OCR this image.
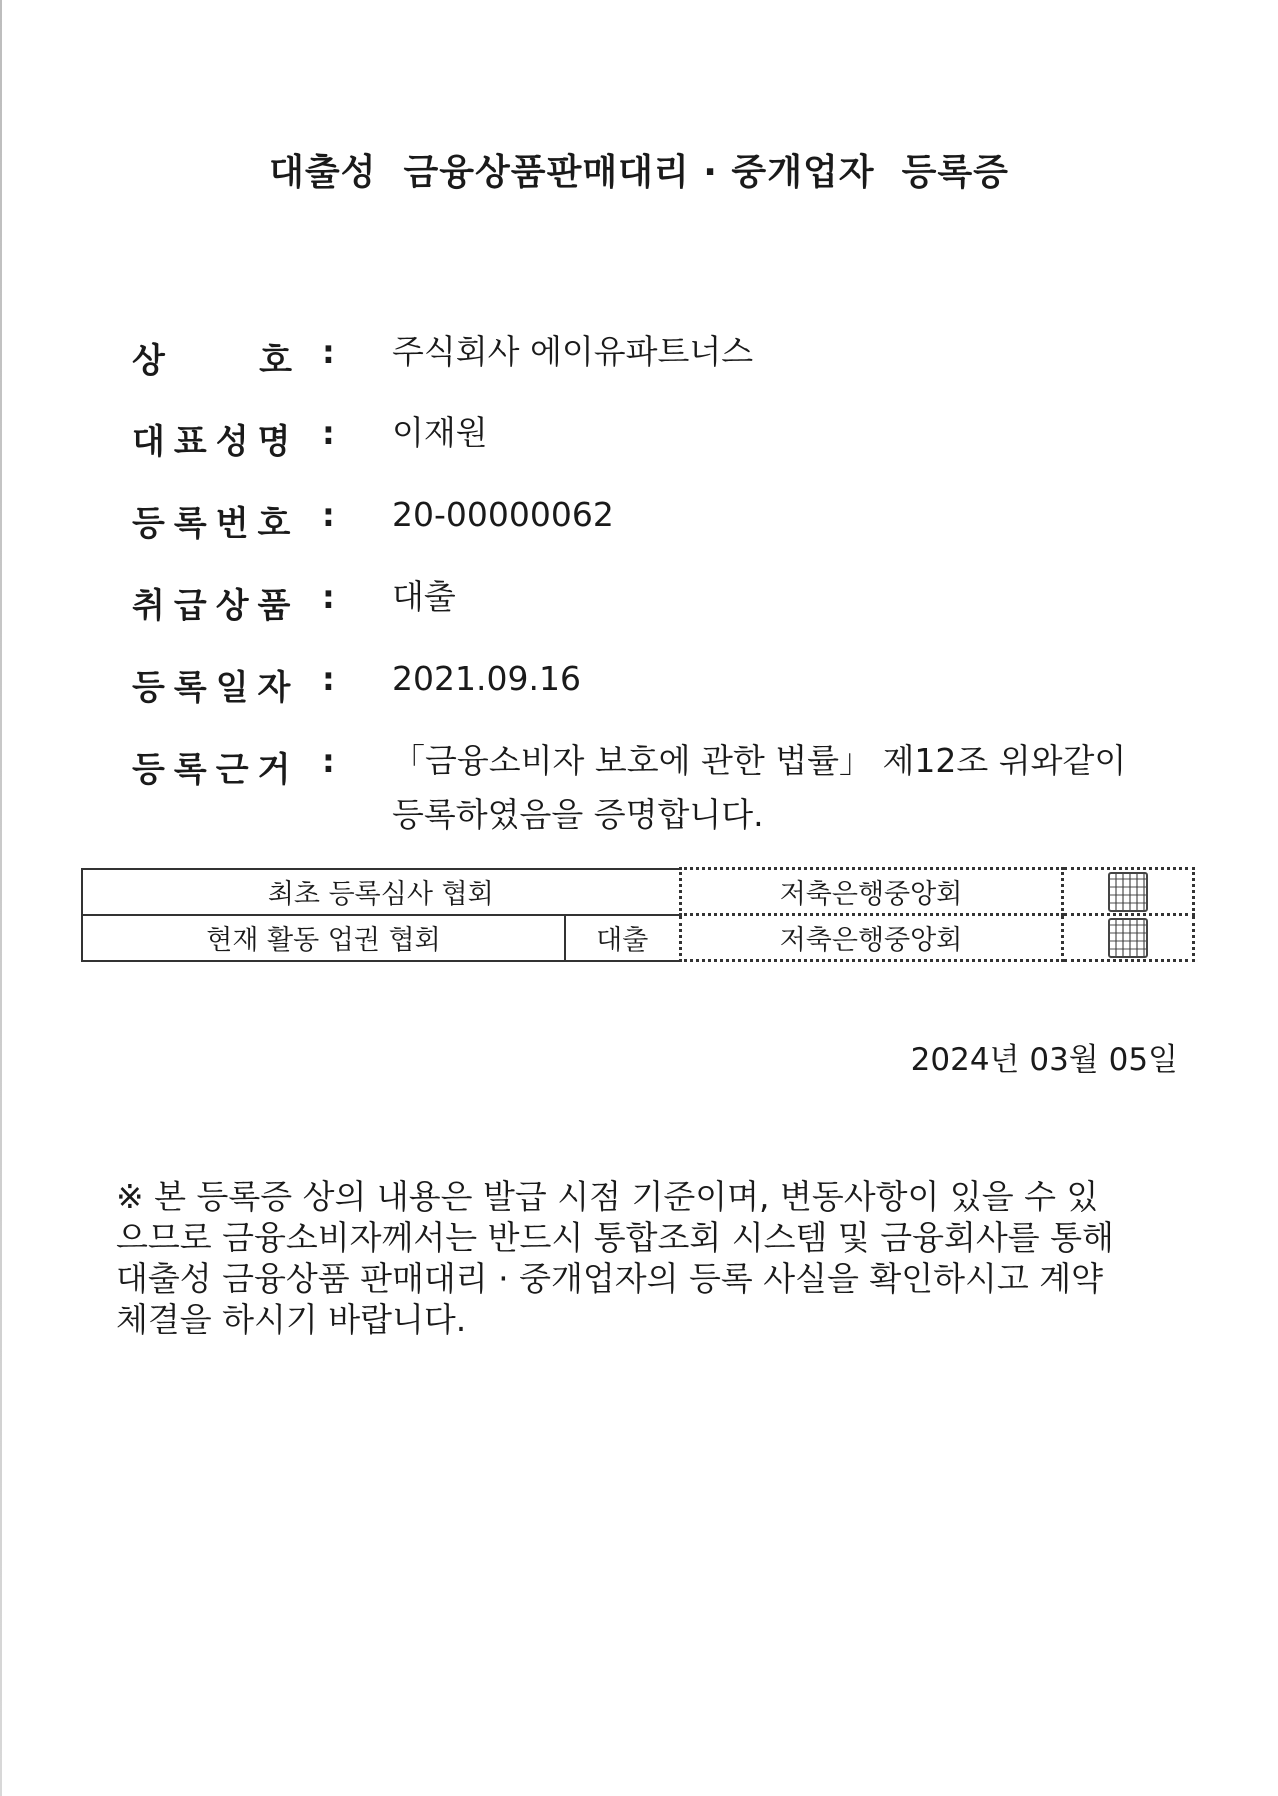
대출성  금융상품판매대리 · 중개업자  등록증
상	호 : 주식회사 에이유파트너스
대표성명 : 이재원
등록번호 : 20-00000062
취급상품 : 대출
등록일자 : 2021.09.16
등록근거 : 「금융소비자 보호에 관한 법률」 제12조 위와같이
등록하였음을 증명합니다.
최초 등록심사 협회		저축은행중앙회	
현재 활동 업권 협회	대출	저축은행중앙회	
2024년 03월 05일
※ 본 등록증 상의 내용은 발급 시점 기준이며, 변동사항이 있을 수 있
으므로 금융소비자께서는 반드시 통합조회 시스템 및 금융회사를 통해
대출성 금융상품 판매대리 · 중개업자의 등록 사실을 확인하시고 계약
체결을 하시기 바랍니다.
